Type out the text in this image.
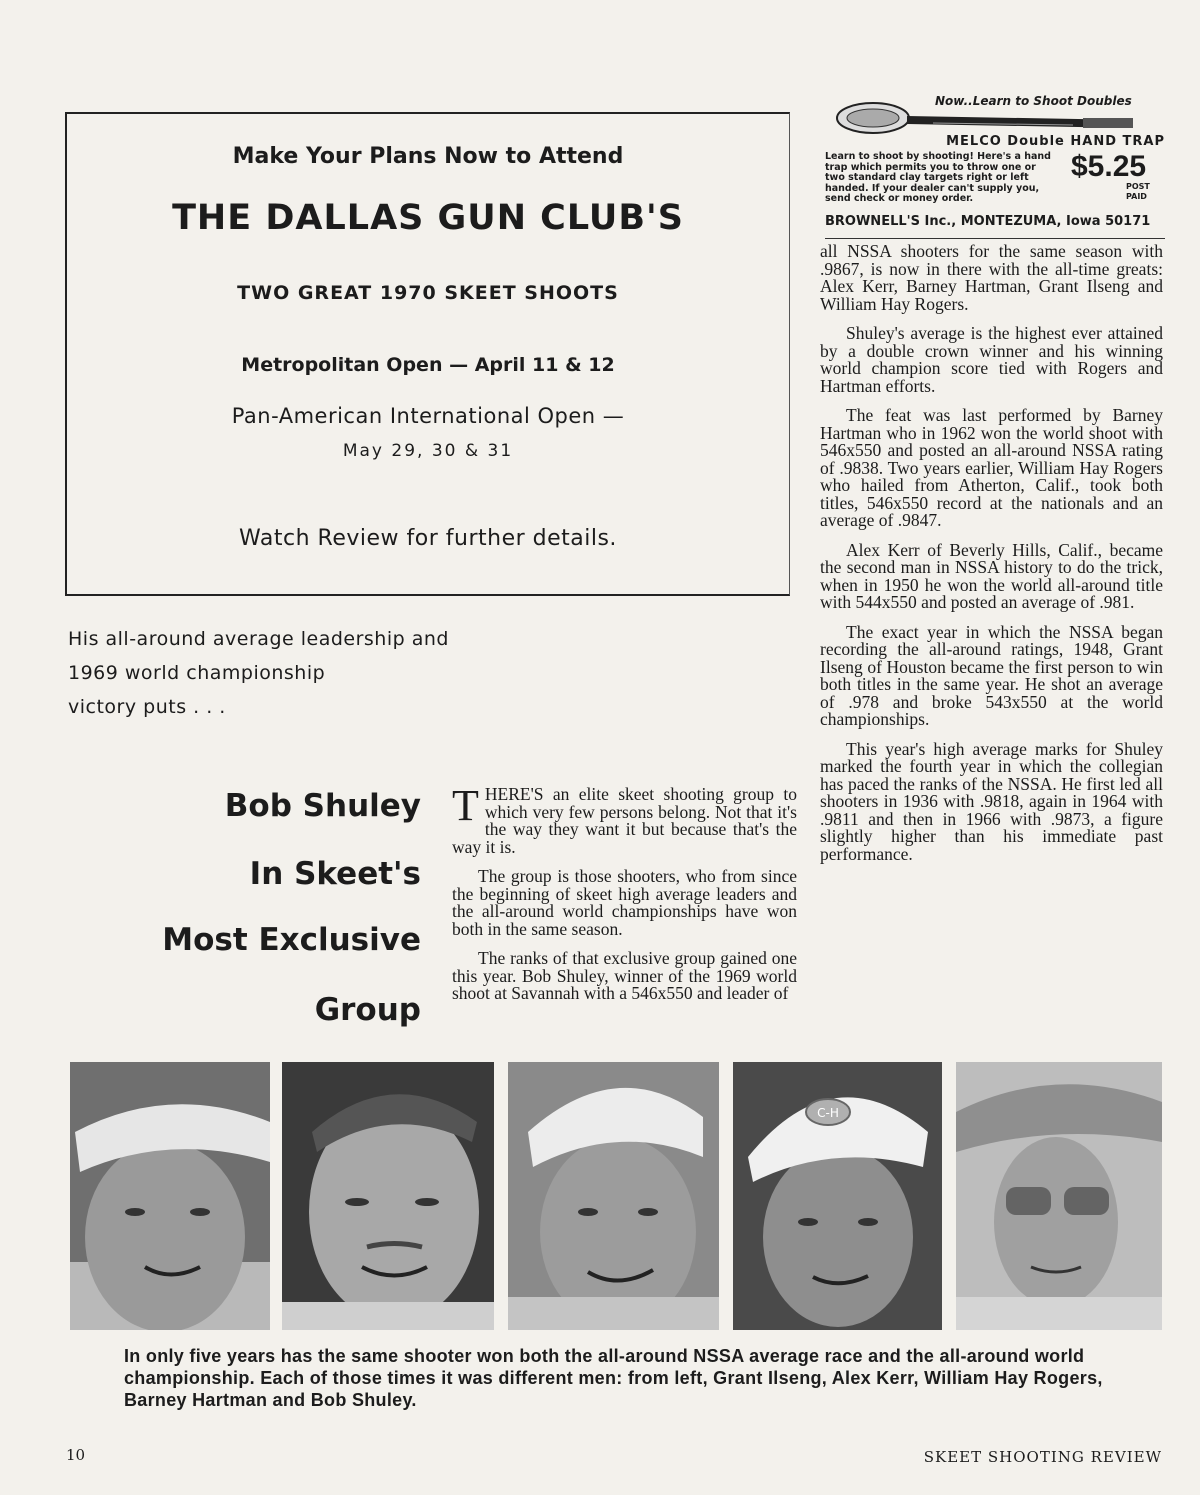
Make Your Plans Now to Attend
THE DALLAS GUN CLUB'S
TWO GREAT 1970 SKEET SHOOTS
Metropolitan Open — April 11 & 12
Pan-American International Open —
May 29, 30 & 31
Watch Review for further details.
Now..Learn to Shoot Doubles
MELCO Double HAND TRAP
Learn to shoot by shooting! Here's a hand trap which permits you to throw one or two standard clay targets right or left handed. If your dealer can't supply you, send check or money order.
$5.25
POST PAID
BROWNELL'S Inc., MONTEZUMA, Iowa 50171
His all-around average leadership and
1969 world championship
victory puts . . .
Bob Shuley
In Skeet's
Most Exclusive
Group

THERE'S an elite skeet shooting group to which very few persons belong. Not that it's the way they want it but because that's the way it is.

The group is those shooters, who from since the beginning of skeet high average leaders and the all-around world championships have won both in the same season.

The ranks of that exclusive group gained one this year. Bob Shuley, winner of the 1969 world shoot at Savannah with a 546x550 and leader of

all NSSA shooters for the same season with .9867, is now in there with the all-time greats: Alex Kerr, Barney Hartman, Grant Ilseng and William Hay Rogers.

Shuley's average is the highest ever attained by a double crown winner and his winning world champion score tied with Rogers and Hartman efforts.

The feat was last performed by Barney Hartman who in 1962 won the world shoot with 546x550 and posted an all-around NSSA rating of .9838. Two years earlier, William Hay Rogers who hailed from Atherton, Calif., took both titles, 546x550 record at the nationals and an average of .9847.

Alex Kerr of Beverly Hills, Calif., became the second man in NSSA history to do the trick, when in 1950 he won the world all-around title with 544x550 and posted an average of .981.

The exact year in which the NSSA began recording the all-around ratings, 1948, Grant Ilseng of Houston became the first person to win both titles in the same year. He shot an average of .978 and broke 543x550 at the world championships.

This year's high average marks for Shuley marked the fourth year in which the collegian has paced the ranks of the NSSA. He first led all shooters in 1936 with .9818, again in 1964 with .9811 and then in 1966 with .9873, a figure slightly higher than his immediate past performance.

C-H
In only five years has the same shooter won both the all-around NSSA average race and the all-around world championship. Each of those times it was different men: from left, Grant Ilseng, Alex Kerr, William Hay Rogers, Barney Hartman and Bob Shuley.
10	SKEET SHOOTING REVIEW
